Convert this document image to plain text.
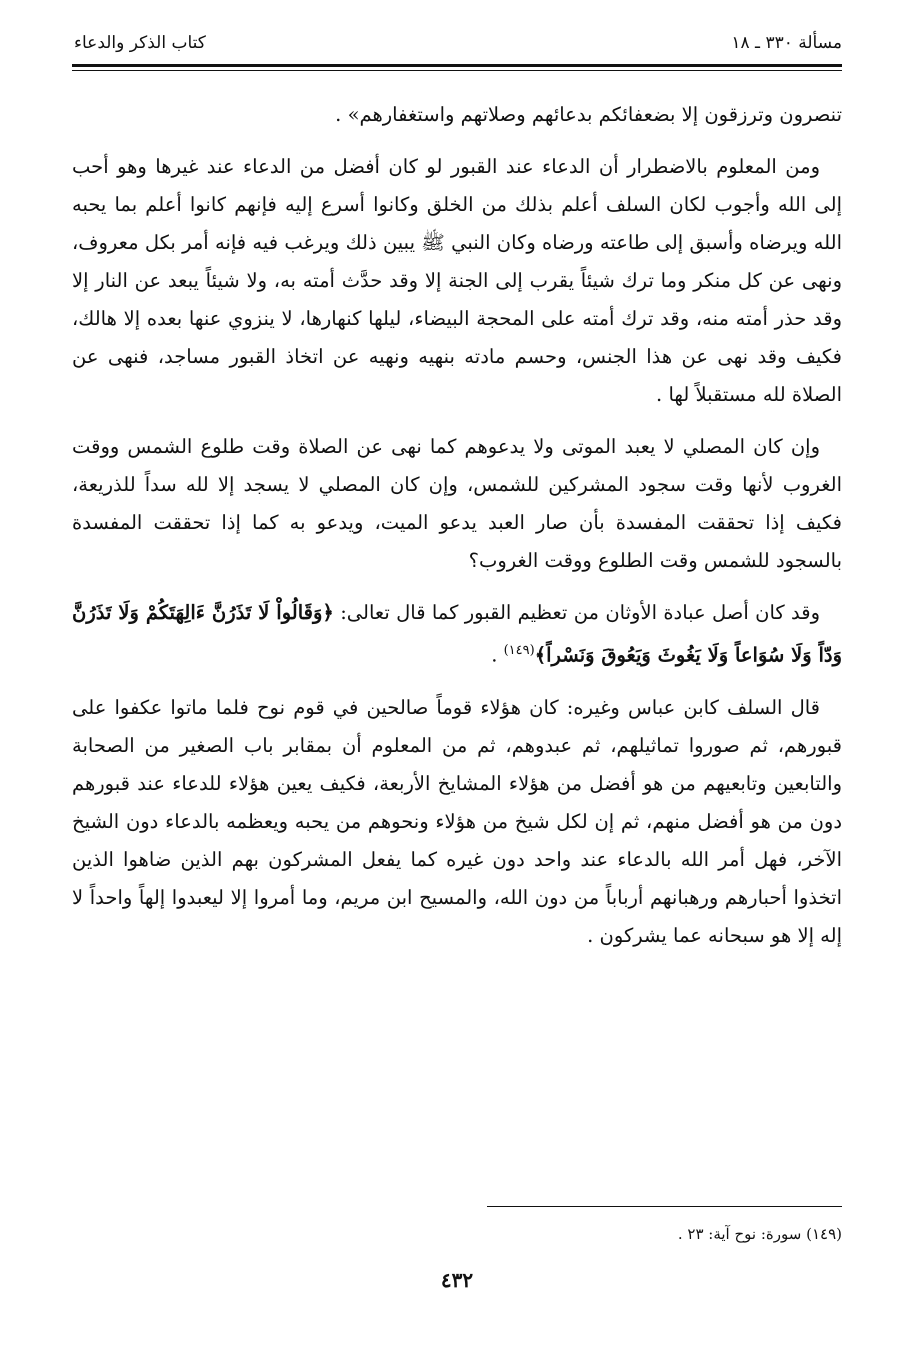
مسألة ٣٣٠ ـ ١٨
كتاب الذكر والدعاء

تنصرون وترزقون إلا بضعفائكم بدعائهم وصلاتهم واستغفارهم» .

ومن المعلوم بالاضطرار أن الدعاء عند القبور لو كان أفضل من الدعاء عند غيرها وهو أحب إلى الله وأجوب لكان السلف أعلم بذلك من الخلق وكانوا أسرع إليه فإنهم كانوا أعلم بما يحبه الله ويرضاه وأسبق إلى طاعته ورضاه وكان النبي ﷺ يبين ذلك ويرغب فيه فإنه أمر بكل معروف، ونهى عن كل منكر وما ترك شيئاً يقرب إلى الجنة إلا وقد حدَّث أمته به، ولا شيئاً يبعد عن النار إلا وقد حذر أمته منه، وقد ترك أمته على المحجة البيضاء، ليلها كنهارها، لا ينزوي عنها بعده إلا هالك، فكيف وقد نهى عن هذا الجنس، وحسم مادته بنهيه ونهيه عن اتخاذ القبور مساجد، فنهى عن الصلاة لله مستقبلاً لها .

وإن كان المصلي لا يعبد الموتى ولا يدعوهم كما نهى عن الصلاة وقت طلوع الشمس ووقت الغروب لأنها وقت سجود المشركين للشمس، وإن كان المصلي لا يسجد إلا لله سداً للذريعة، فكيف إذا تحققت المفسدة بأن صار العبد يدعو الميت، ويدعو به كما إذا تحققت المفسدة بالسجود للشمس وقت الطلوع ووقت الغروب؟

وقد كان أصل عبادة الأوثان من تعظيم القبور كما قال تعالى: ﴿وَقَالُواْ لَا تَذَرُنَّ ءَالِهَتَكُمْ وَلَا تَذَرُنَّ وَدّاً وَلَا سُوَاعاً وَلَا يَغُوثَ وَيَعُوقَ وَنَسْراً﴾$^{(١٤٩)}$ .

قال السلف كابن عباس وغيره: كان هؤلاء قوماً صالحين في قوم نوح فلما ماتوا عكفوا على قبورهم، ثم صوروا تماثيلهم، ثم عبدوهم، ثم من المعلوم أن بمقابر باب الصغير من الصحابة والتابعين وتابعيهم من هو أفضل من هؤلاء المشايخ الأربعة، فكيف يعين هؤلاء للدعاء عند قبورهم دون من هو أفضل منهم، ثم إن لكل شيخ من هؤلاء ونحوهم من يحبه ويعظمه بالدعاء دون الشيخ الآخر، فهل أمر الله بالدعاء عند واحد دون غيره كما يفعل المشركون بهم الذين ضاهوا الذين اتخذوا أحبارهم ورهبانهم أرباباً من دون الله، والمسيح ابن مريم، وما أمروا إلا ليعبدوا إلهاً واحداً لا إله إلا هو سبحانه عما يشركون .

(١٤٩) سورة: نوح آية: ٢٣ .
٤٣٢
